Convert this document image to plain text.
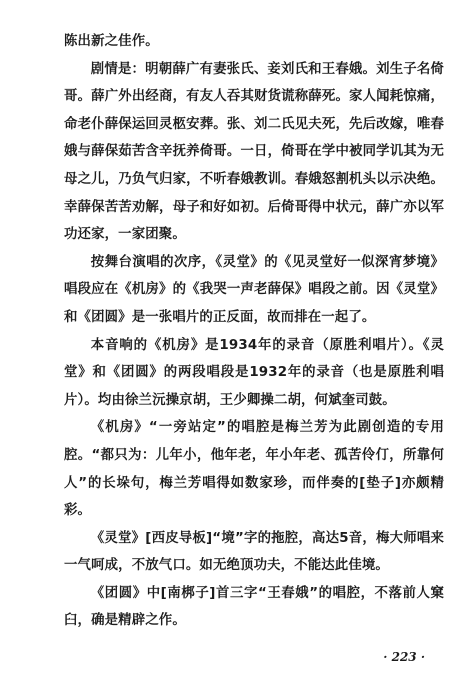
陈出新之佳作。

剧情是：明朝薛广有妻张氏、妾刘氏和王春娥。刘生子名倚哥。薛广外出经商，有友人吞其财货谎称薛死。家人闻耗惊痛，命老仆薛保运回灵柩安葬。张、刘二氏见夫死，先后改嫁，唯春娥与薛保茹苦含辛抚养倚哥。一日，倚哥在学中被同学讥其为无母之儿，乃负气归家，不听春娥教训。春娥怒割机头以示决绝。幸薛保苦苦劝解，母子和好如初。后倚哥得中状元，薛广亦以军功还家，一家团聚。

按舞台演唱的次序，《灵堂》的《见灵堂好一似深宵梦境》唱段应在《机房》的《我哭一声老薛保》唱段之前。因《灵堂》和《团圆》是一张唱片的正反面，故而排在一起了。

本音响的《机房》是1934年的录音（原胜利唱片）。《灵堂》和《团圆》的两段唱段是1932年的录音（也是原胜利唱片）。均由徐兰沅操京胡，王少卿操二胡，何斌奎司鼓。

《机房》“一旁站定”的唱腔是梅兰芳为此剧创造的专用腔。“都只为：儿年小，他年老，年小年老、孤苦伶仃，所靠何人”的长垛句，梅兰芳唱得如数家珍，而伴奏的[垫子]亦颇精彩。

《灵堂》[西皮导板]“境”字的拖腔，高达5音，梅大师唱来一气呵成，不放气口。如无绝顶功夫，不能达此佳境。

《团圆》中[南梆子]首三字“王春娥”的唱腔，不落前人窠臼，确是精辟之作。

· 223 ·
